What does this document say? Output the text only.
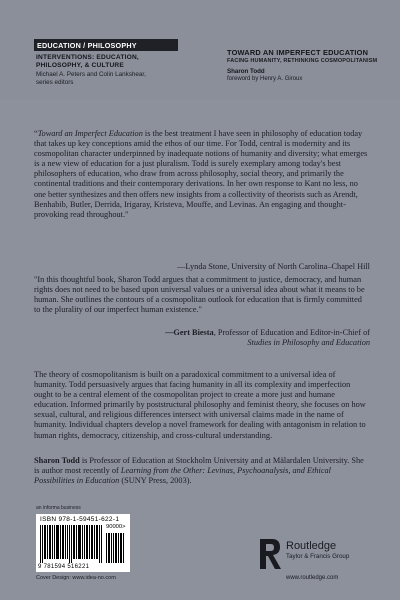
EDUCATION / PHILOSOPHY
INTERVENTIONS: EDUCATION,
PHILOSOPHY, & CULTURE
Michael A. Peters and Colin Lankshear,
series editors
TOWARD AN IMPERFECT EDUCATION
FACING HUMANITY, RETHINKING COSMOPOLITANISM
Sharon Todd
foreword by Henry A. Giroux
“Toward an Imperfect Education is the best treatment I have seen in philosophy of education today that takes up key conceptions amid the ethos of our time. For Todd, central is modernity and its cosmopolitan character underpinned by inadequate notions of humanity and diversity; what emerges is a new view of education for a just pluralism. Todd is surely exemplary among today's best philosophers of education, who draw from across philosophy, social theory, and primarily the continental traditions and their contemporary derivations. In her own response to Kant no less, no one better synthesizes and then offers new insights from a collectivity of theorists such as Arendt, Benhabib, Butler, Derrida, Irigaray, Kristeva, Mouffe, and Levinas. An engaging and thought-provoking read throughout."
—Lynda Stone, University of North Carolina–Chapel Hill
"In this thoughtful book, Sharon Todd argues that a commitment to justice, democracy, and human rights does not need to be based upon universal values or a universal idea about what it means to be human. She outlines the contours of a cosmopolitan outlook for education that is firmly committed to the plurality of our imperfect human existence."
—Gert Biesta, Professor of Education and Editor-in-Chief of
Studies in Philosophy and Education
The theory of cosmopolitanism is built on a paradoxical commitment to a universal idea of humanity. Todd persuasively argues that facing humanity in all its complexity and imperfection ought to be a central element of the cosmopolitan project to create a more just and humane education. Informed primarily by poststructural philosophy and feminist theory, she focuses on how sexual, cultural, and religious differences intersect with universal claims made in the name of humanity. Individual chapters develop a novel framework for dealing with antagonism in relation to human rights, democracy, citizenship, and cross-cultural understanding.
Sharon Todd is Professor of Education at Stockholm University and at Mälardalen University. She is author most recently of Learning from the Other: Levinas, Psychoanalysis, and Ethical Possibilities in Education (SUNY Press, 2003).
an informa business
ISBN 978-1-59451-622-1
90000>
9 781594 516221
Cover Design: www.idea-no.com
Routledge
Taylor & Francis Group
www.routledge.com
